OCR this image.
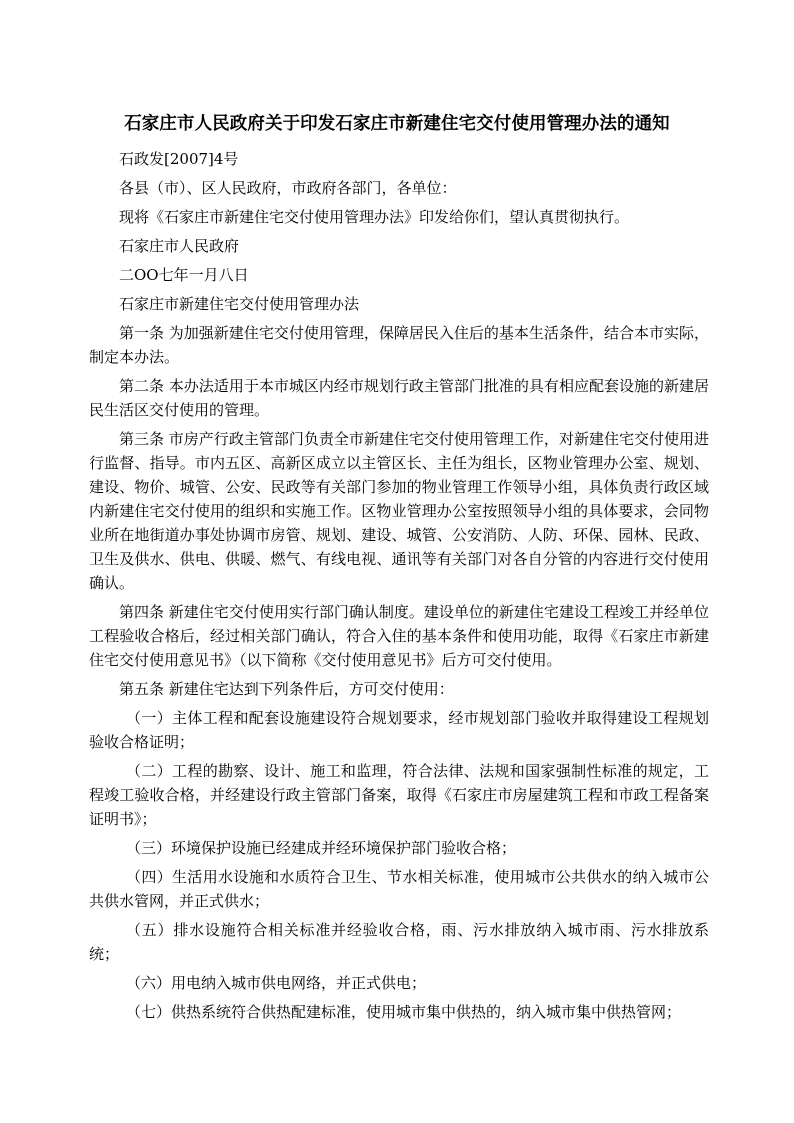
石家庄市人民政府关于印发石家庄市新建住宅交付使用管理办法的通知

石政发[2007]4号

各县（市）、区人民政府，市政府各部门，各单位：

现将《石家庄市新建住宅交付使用管理办法》印发给你们，望认真贯彻执行。

石家庄市人民政府

二OO七年一月八日

石家庄市新建住宅交付使用管理办法

第一条 为加强新建住宅交付使用管理，保障居民入住后的基本生活条件，结合本市实际，制定本办法。

第二条 本办法适用于本市城区内经市规划行政主管部门批准的具有相应配套设施的新建居民生活区交付使用的管理。

第三条 市房产行政主管部门负责全市新建住宅交付使用管理工作，对新建住宅交付使用进行监督、指导。市内五区、高新区成立以主管区长、主任为组长，区物业管理办公室、规划、建设、物价、城管、公安、民政等有关部门参加的物业管理工作领导小组，具体负责行政区域内新建住宅交付使用的组织和实施工作。区物业管理办公室按照领导小组的具体要求，会同物业所在地街道办事处协调市房管、规划、建设、城管、公安消防、人防、环保、园林、民政、卫生及供水、供电、供暖、燃气、有线电视、通讯等有关部门对各自分管的内容进行交付使用确认。

第四条 新建住宅交付使用实行部门确认制度。建设单位的新建住宅建设工程竣工并经单位工程验收合格后，经过相关部门确认，符合入住的基本条件和使用功能，取得《石家庄市新建住宅交付使用意见书》（以下简称《交付使用意见书》后方可交付使用。

第五条 新建住宅达到下列条件后，方可交付使用：

（一）主体工程和配套设施建设符合规划要求，经市规划部门验收并取得建设工程规划验收合格证明；

（二）工程的勘察、设计、施工和监理，符合法律、法规和国家强制性标准的规定，工程竣工验收合格，并经建设行政主管部门备案，取得《石家庄市房屋建筑工程和市政工程备案证明书》；

（三）环境保护设施已经建成并经环境保护部门验收合格；

（四）生活用水设施和水质符合卫生、节水相关标准，使用城市公共供水的纳入城市公共供水管网，并正式供水；

（五）排水设施符合相关标准并经验收合格，雨、污水排放纳入城市雨、污水排放系统；

（六）用电纳入城市供电网络，并正式供电；

（七）供热系统符合供热配建标准，使用城市集中供热的，纳入城市集中供热管网；
